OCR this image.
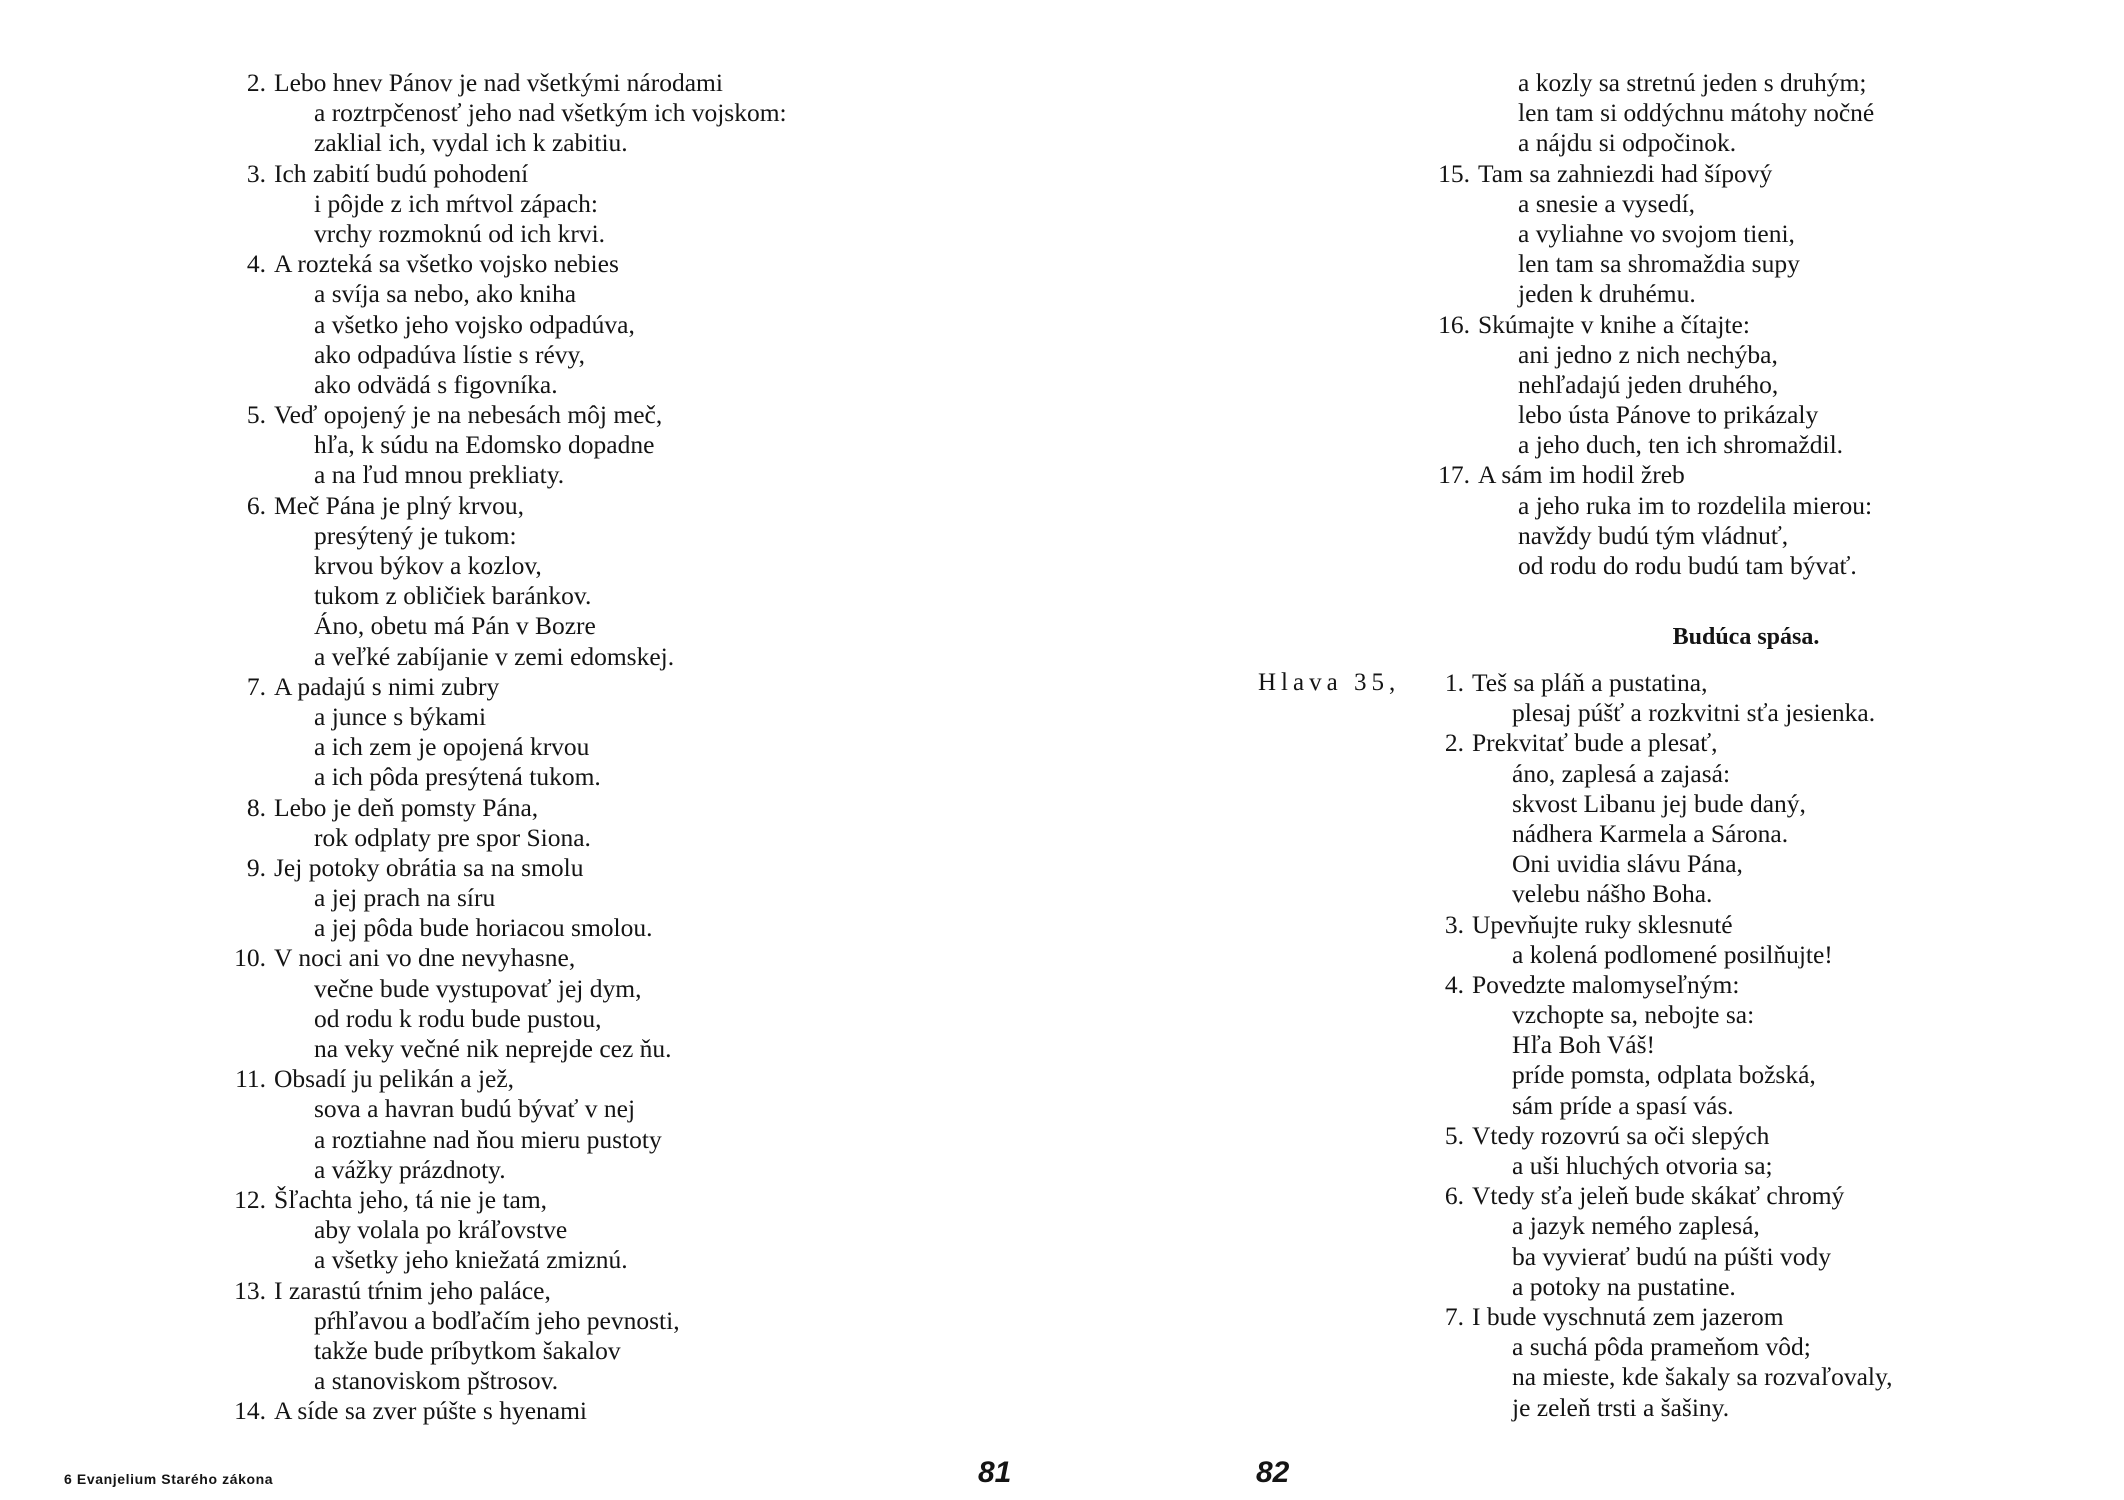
2. Lebo hnev Pánov je nad všetkými národami
a roztrpčenosť jeho nad všetkým ich vojskom:
zaklial ich, vydal ich k zabitiu.
3. Ich zabití budú pohodení
i pôjde z ich mŕtvol zápach:
vrchy rozmoknú od ich krvi.
4. A rozteká sa všetko vojsko nebies
a svíja sa nebo, ako kniha
a všetko jeho vojsko odpadúva,
ako odpadúva lístie s révy,
ako odvädá s figovníka.
5. Veď opojený je na nebesách môj meč,
hľa, k súdu na Edomsko dopadne
a na ľud mnou prekliaty.
6. Meč Pána je plný krvou,
presýtený je tukom:
krvou býkov a kozlov,
tukom z obličiek baránkov.
Áno, obetu má Pán v Bozre
a veľké zabíjanie v zemi edomskej.
7. A padajú s nimi zubry
a junce s býkami
a ich zem je opojená krvou
a ich pôda presýtená tukom.
8. Lebo je deň pomsty Pána,
rok odplaty pre spor Siona.
9. Jej potoky obrátia sa na smolu
a jej prach na síru
a jej pôda bude horiacou smolou.
10. V noci ani vo dne nevyhasne,
večne bude vystupovať jej dym,
od rodu k rodu bude pustou,
na veky večné nik neprejde cez ňu.
11. Obsadí ju pelikán a jež,
sova a havran budú bývať v nej
a roztiahne nad ňou mieru pustoty
a vážky prázdnoty.
12. Šľachta jeho, tá nie je tam,
aby volala po kráľovstve
a všetky jeho kniežatá zmiznú.
13. I zarastú tŕnim jeho paláce,
pŕhľavou a bodľačím jeho pevnosti,
takže bude príbytkom šakalov
a stanoviskom pštrosov.
14. A síde sa zver púšte s hyenami
a kozly sa stretnú jeden s druhým;
len tam si oddýchnu mátohy nočné
a nájdu si odpočinok.
15. Tam sa zahniezdi had šípový
a snesie a vysedí,
a vyliahne vo svojom tieni,
len tam sa shromaždia supy
jeden k druhému.
16. Skúmajte v knihe a čítajte:
ani jedno z nich nechýba,
nehľadajú jeden druhého,
lebo ústa Pánove to prikázaly
a jeho duch, ten ich shromaždil.
17. A sám im hodil žreb
a jeho ruka im to rozdelila mierou:
navždy budú tým vládnuť,
od rodu do rodu budú tam bývať.
Budúca spása.
Hlava 35,	1. Teš sa pláň a pustatina,
plesaj púšť a rozkvitni sťa jesienka.
2. Prekvitať bude a plesať,
áno, zaplesá a zajasá:
skvost Libanu jej bude daný,
nádhera Karmela a Sárona.
Oni uvidia slávu Pána,
velebu nášho Boha.
3. Upevňujte ruky sklesnuté
a kolená podlomené posilňujte!
4. Povedzte malomyseľným:
vzchopte sa, nebojte sa:
Hľa Boh Váš!
príde pomsta, odplata božská,
sám príde a spasí vás.
5. Vtedy rozovrú sa oči slepých
a uši hluchých otvoria sa;
6. Vtedy sťa jeleň bude skákať chromý
a jazyk nemého zaplesá,
ba vyvierať budú na púšti vody
a potoky na pustatine.
7. I bude vyschnutá zem jazerom
a suchá pôda prameňom vôd;
na mieste, kde šakaly sa rozvaľovaly,
je zeleň trsti a šašiny.
6 Evanjelium Starého zákona	81	82
